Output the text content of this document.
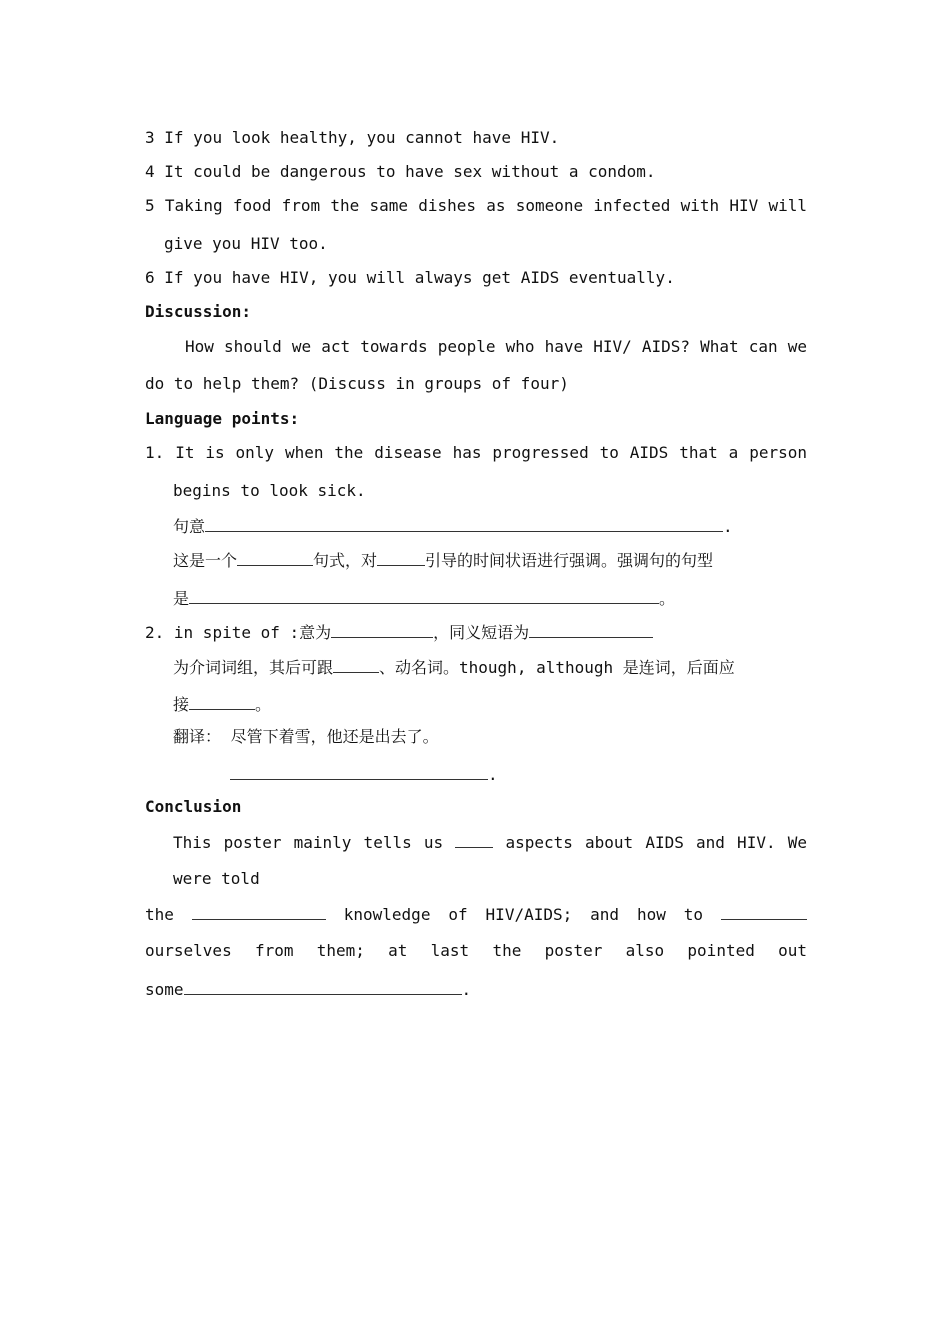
3 If you look healthy, you cannot have HIV.
4 It could be dangerous to have sex without a condom.
5 Taking food from the same dishes as someone infected with HIV will
give you HIV too.
6 If you have HIV, you will always get AIDS eventually.
Discussion:
How should we act towards people who have HIV/ AIDS? What can we
do to help them? (Discuss in groups of four)
Language points:
1. It is only when the disease has progressed to AIDS that a person
begins to look sick.
句意	.
这是一个	句式，对	引导的时间状语进行强调。强调句的句型
是	。
2. in spite of :意为	，同义短语为
为介词词组，其后可跟	、动名词。though, although 是连词，后面应
接	。
翻译： 尽管下着雪，他还是出去了。
.
Conclusion
This poster mainly tells us	aspects about AIDS and HIV. We
were told
the	knowledge of HIV/AIDS; and how to
ourselves from them; at last the poster also pointed out
some	.
